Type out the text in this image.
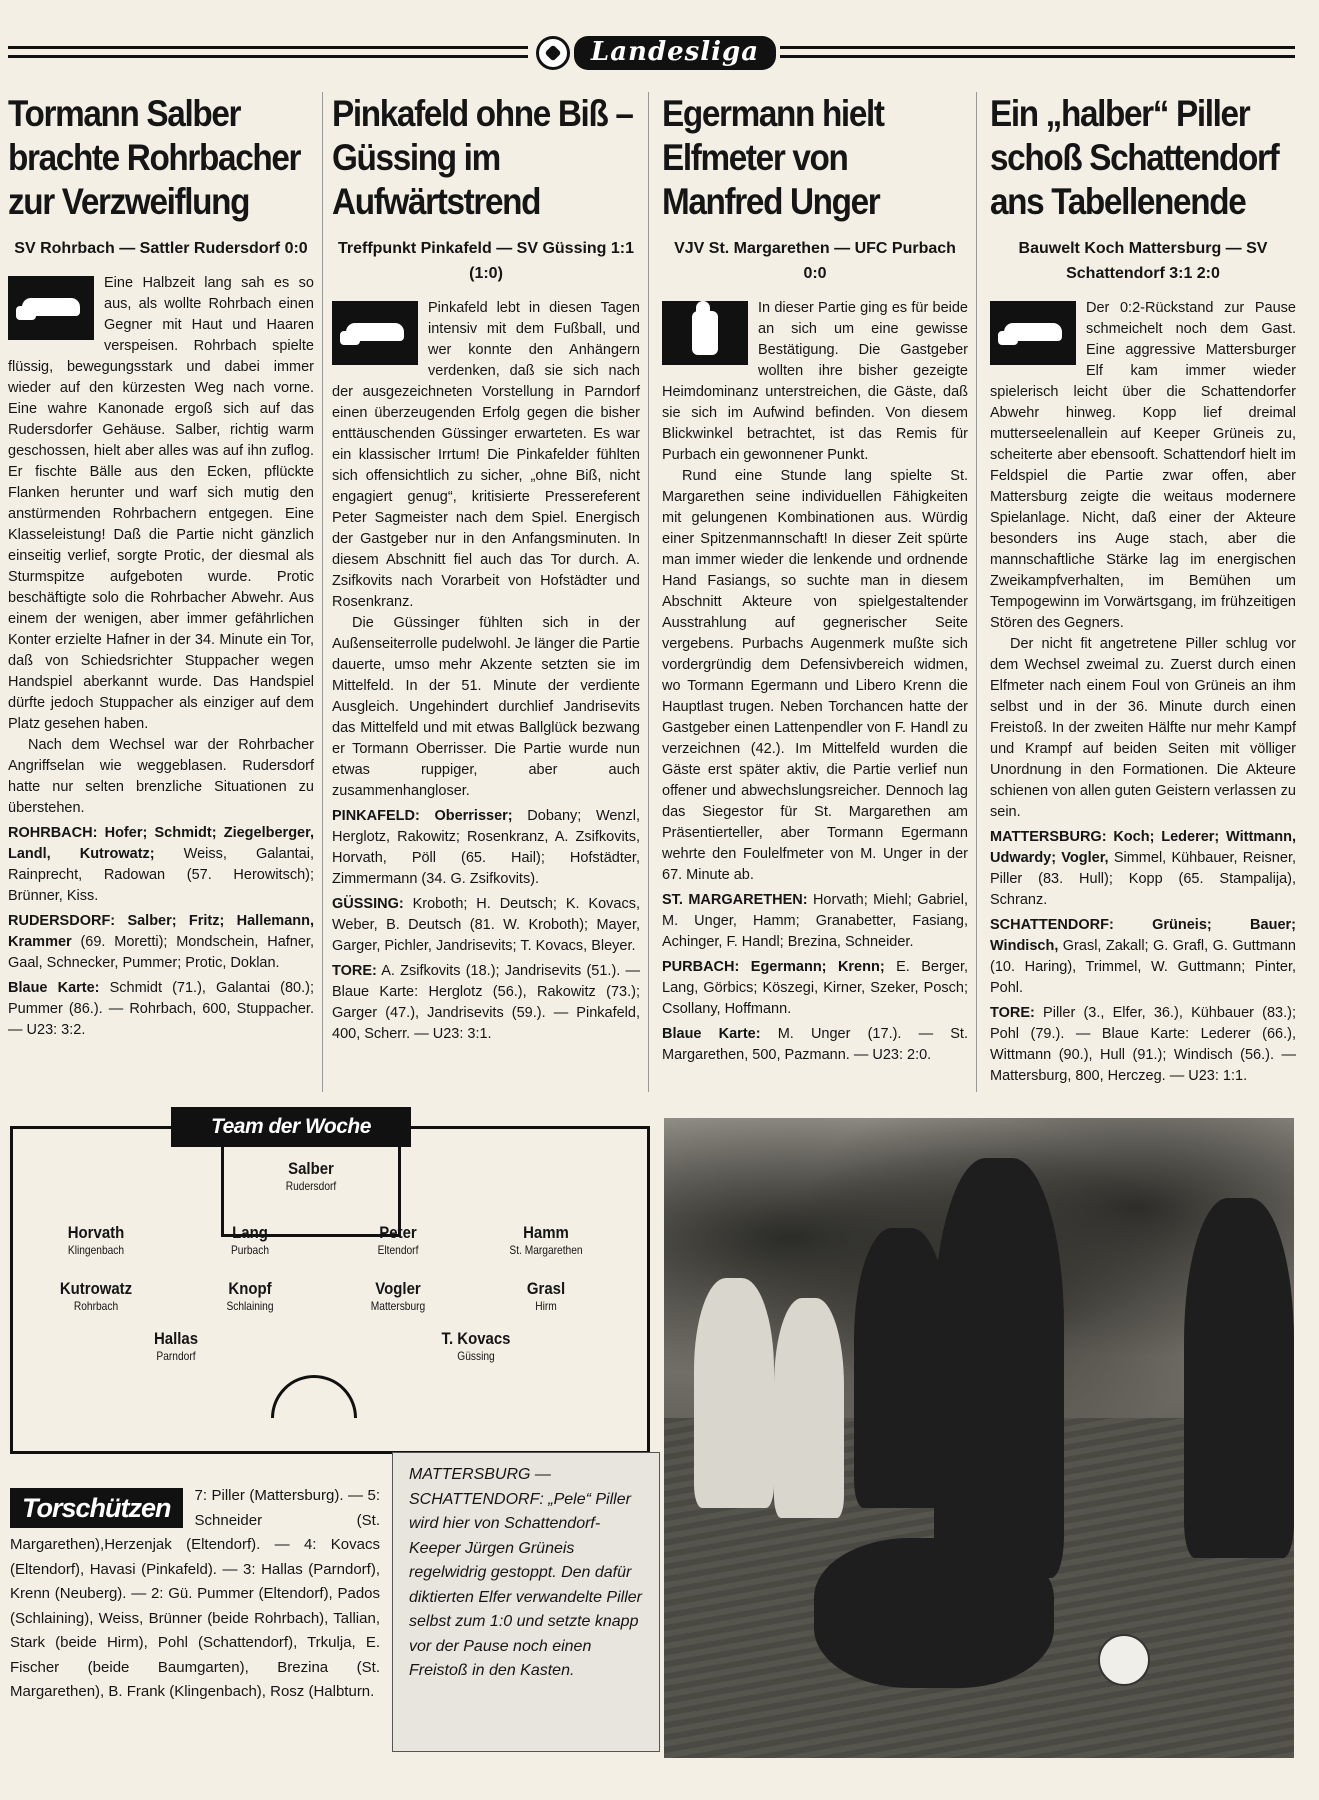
Landesliga
Tormann Salber brachte Rohrbacher zur Verzweiflung
SV Rohrbach — Sattler Rudersdorf 0:0

Eine Halbzeit lang sah es so aus, als wollte Rohrbach einen Gegner mit Haut und Haaren verspeisen. Rohrbach spielte flüssig, bewegungsstark und dabei immer wieder auf den kürzesten Weg nach vorne. Eine wahre Kanonade ergoß sich auf das Rudersdorfer Gehäuse. Salber, richtig warm geschossen, hielt aber alles was auf ihn zuflog. Er fischte Bälle aus den Ecken, pflückte Flanken herunter und warf sich mutig den anstürmenden Rohrbachern entgegen. Eine Klasseleistung! Daß die Partie nicht gänzlich einseitig verlief, sorgte Protic, der diesmal als Sturmspitze aufgeboten wurde. Protic beschäftigte solo die Rohrbacher Abwehr. Aus einem der wenigen, aber immer gefährlichen Konter erzielte Hafner in der 34. Minute ein Tor, daß von Schiedsrichter Stuppacher wegen Handspiel aberkannt wurde. Das Handspiel dürfte jedoch Stuppacher als einziger auf dem Platz gesehen haben.

Nach dem Wechsel war der Rohrbacher Angriffselan wie weggeblasen. Rudersdorf hatte nur selten brenzliche Situationen zu überstehen.

ROHRBACH: Hofer; Schmidt; Ziegelberger, Landl, Kutrowatz; Weiss, Galantai, Rainprecht, Radowan (57. Herowitsch); Brünner, Kiss.

RUDERSDORF: Salber; Fritz; Hallemann, Krammer (69. Moretti); Mondschein, Hafner, Gaal, Schnecker, Pummer; Protic, Doklan.

Blaue Karte: Schmidt (71.), Galantai (80.); Pummer (86.). — Rohrbach, 600, Stuppacher. — U23: 3:2.

Pinkafeld ohne Biß – Güssing im Aufwärtstrend
Treffpunkt Pinkafeld — SV Güssing 1:1 (1:0)

Pinkafeld lebt in diesen Tagen intensiv mit dem Fußball, und wer konnte den Anhängern verdenken, daß sie sich nach der ausgezeichneten Vorstellung in Parndorf einen überzeugenden Erfolg gegen die bisher enttäuschenden Güssinger erwarteten. Es war ein klassischer Irrtum! Die Pinkafelder fühlten sich offensichtlich zu sicher, „ohne Biß, nicht engagiert genug“, kritisierte Pressereferent Peter Sagmeister nach dem Spiel. Energisch der Gastgeber nur in den Anfangsminuten. In diesem Abschnitt fiel auch das Tor durch. A. Zsifkovits nach Vorarbeit von Hofstädter und Rosenkranz.

Die Güssinger fühlten sich in der Außenseiterrolle pudelwohl. Je länger die Partie dauerte, umso mehr Akzente setzten sie im Mittelfeld. In der 51. Minute der verdiente Ausgleich. Ungehindert durchlief Jandrisevits das Mittelfeld und mit etwas Ballglück bezwang er Tormann Oberrisser. Die Partie wurde nun etwas ruppiger, aber auch zusammenhangloser.

PINKAFELD: Oberrisser; Dobany; Wenzl, Herglotz, Rakowitz; Rosenkranz, A. Zsifkovits, Horvath, Pöll (65. Hail); Hofstädter, Zimmermann (34. G. Zsifkovits).

GÜSSING: Kroboth; H. Deutsch; K. Kovacs, Weber, B. Deutsch (81. W. Kroboth); Mayer, Garger, Pichler, Jandrisevits; T. Kovacs, Bleyer.

TORE: A. Zsifkovits (18.); Jandrisevits (51.). — Blaue Karte: Herglotz (56.), Rakowitz (73.); Garger (47.), Jandrisevits (59.). — Pinkafeld, 400, Scherr. — U23: 3:1.

Egermann hielt Elfmeter von Manfred Unger
VJV St. Margarethen — UFC Purbach 0:0

In dieser Partie ging es für beide an sich um eine gewisse Bestätigung. Die Gastgeber wollten ihre bisher gezeigte Heimdominanz unterstreichen, die Gäste, daß sie sich im Aufwind befinden. Von diesem Blickwinkel betrachtet, ist das Remis für Purbach ein gewonnener Punkt.

Rund eine Stunde lang spielte St. Margarethen seine individuellen Fähigkeiten mit gelungenen Kombinationen aus. Würdig einer Spitzenmannschaft! In dieser Zeit spürte man immer wieder die lenkende und ordnende Hand Fasiangs, so suchte man in diesem Abschnitt Akteure von spielgestaltender Ausstrahlung auf gegnerischer Seite vergebens. Purbachs Augenmerk mußte sich vordergründig dem Defensivbereich widmen, wo Tormann Egermann und Libero Krenn die Hauptlast trugen. Neben Torchancen hatte der Gastgeber einen Lattenpendler von F. Handl zu verzeichnen (42.). Im Mittelfeld wurden die Gäste erst später aktiv, die Partie verlief nun offener und abwechslungsreicher. Dennoch lag das Siegestor für St. Margarethen am Präsentierteller, aber Tormann Egermann wehrte den Foulelfmeter von M. Unger in der 67. Minute ab.

ST. MARGARETHEN: Horvath; Miehl; Gabriel, M. Unger, Hamm; Granabetter, Fasiang, Achinger, F. Handl; Brezina, Schneider.

PURBACH: Egermann; Krenn; E. Berger, Lang, Görbics; Köszegi, Kirner, Szeker, Posch; Csollany, Hoffmann.

Blaue Karte: M. Unger (17.). — St. Margarethen, 500, Pazmann. — U23: 2:0.

Ein „halber“ Piller schoß Schattendorf ans Tabellenende
Bauwelt Koch Mattersburg — SV Schattendorf 3:1 2:0

Der 0:2-Rückstand zur Pause schmeichelt noch dem Gast. Eine aggressive Mattersburger Elf kam immer wieder spielerisch leicht über die Schattendorfer Abwehr hinweg. Kopp lief dreimal mutterseelenallein auf Keeper Grüneis zu, scheiterte aber ebensooft. Schattendorf hielt im Feldspiel die Partie zwar offen, aber Mattersburg zeigte die weitaus modernere Spielanlage. Nicht, daß einer der Akteure besonders ins Auge stach, aber die mannschaftliche Stärke lag im energischen Zweikampfverhalten, im Bemühen um Tempogewinn im Vorwärtsgang, im frühzeitigen Stören des Gegners.

Der nicht fit angetretene Piller schlug vor dem Wechsel zweimal zu. Zuerst durch einen Elfmeter nach einem Foul von Grüneis an ihm selbst und in der 36. Minute durch einen Freistoß. In der zweiten Hälfte nur mehr Kampf und Krampf auf beiden Seiten mit völliger Unordnung in den Formationen. Die Akteure schienen von allen guten Geistern verlassen zu sein.

MATTERSBURG: Koch; Lederer; Wittmann, Udwardy; Vogler, Simmel, Kühbauer, Reisner, Piller (83. Hull); Kopp (65. Stampalija), Schranz.

SCHATTENDORF: Grüneis; Bauer; Windisch, Grasl, Zakall; G. Grafl, G. Guttmann (10. Haring), Trimmel, W. Guttmann; Pinter, Pohl.

TORE: Piller (3., Elfer, 36.), Kühbauer (83.); Pohl (79.). — Blaue Karte: Lederer (66.), Wittmann (90.), Hull (91.); Windisch (56.). — Mattersburg, 800, Herczeg. — U23: 1:1.

Team der Woche
Salber
Rudersdorf
Horvath
Klingenbach
Lang
Purbach
Peter
Eltendorf
Hamm
St. Margarethen
Kutrowatz
Rohrbach
Knopf
Schlaining
Vogler
Mattersburg
Grasl
Hirm
Hallas
Parndorf
T. Kovacs
Güssing
Torschützen	7: Piller (Mattersburg). — 5: Schneider (St. Margarethen),Herzenjak (Eltendorf). — 4: Kovacs (Eltendorf), Havasi (Pinkafeld). — 3: Hallas (Parndorf), Krenn (Neuberg). — 2: Gü. Pummer (Eltendorf), Pados (Schlaining), Weiss, Brünner (beide Rohrbach), Tallian, Stark (beide Hirm), Pohl (Schattendorf), Trkulja, E. Fischer (beide Baumgarten), Brezina (St. Margarethen), B. Frank (Klingenbach), Rosz (Halbturn.
MATTERSBURG — SCHATTENDORF: „Pele“ Piller wird hier von Schattendorf-Keeper Jürgen Grüneis regelwidrig gestoppt. Den dafür diktierten Elfer verwandelte Piller selbst zum 1:0 und setzte knapp vor der Pause noch einen Freistoß in den Kasten.
